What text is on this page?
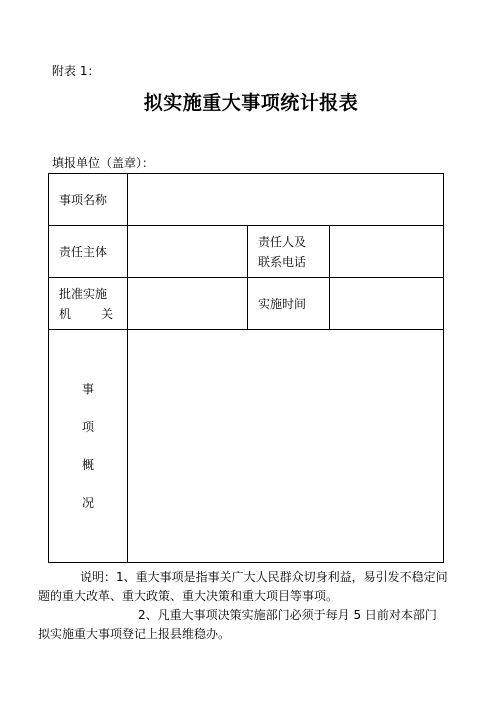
附表 1：
拟实施重大事项统计报表
填报单位（盖章）：
事项名称			
责任主体		责任人及
联系电话	

批准实施
机 关		实施时间	

事
项
概
况			

说明：1、重大事项是指事关广大人民群众切身利益，易引发不稳定问题的重大改革、重大政策、重大决策和重大项目等事项。

2、凡重大事项决策实施部门必须于每月 5 日前对本部门拟实施重大事项登记上报县维稳办。
